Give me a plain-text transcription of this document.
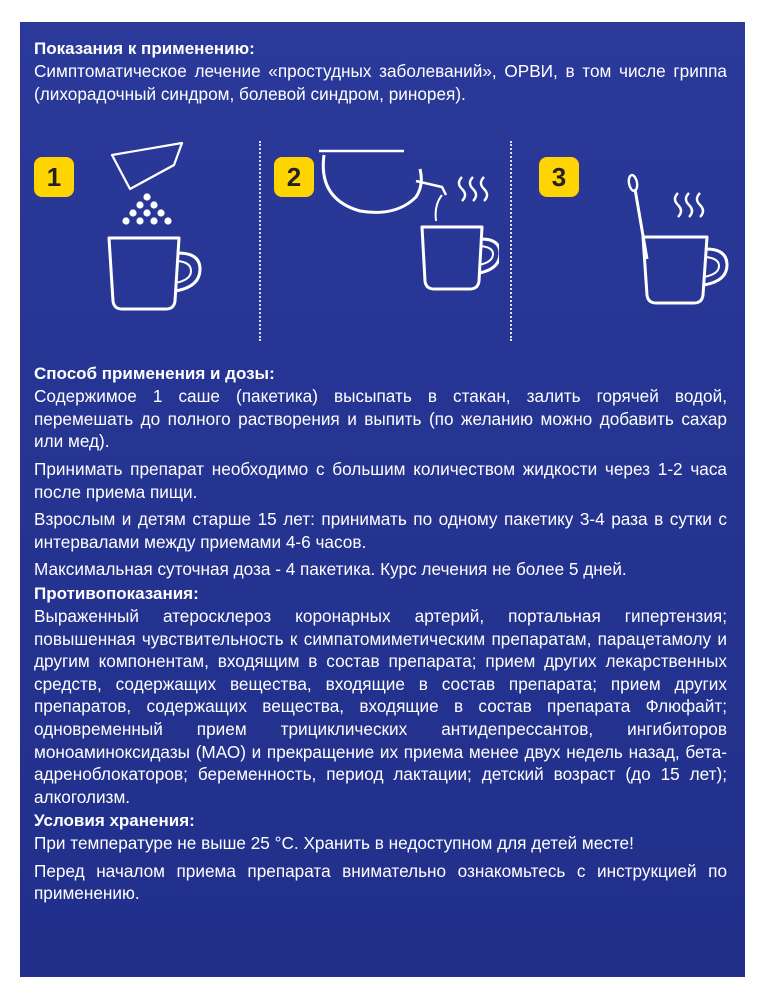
Показания к применению:

Симптоматическое лечение «простудных заболеваний», ОРВИ, в том числе гриппа (лихорадочный синдром, болевой синдром, ринорея).

1	2	3

Способ применения и дозы:

Содержимое 1 саше (пакетика) высыпать в стакан, залить горячей водой, перемешать до полного растворения и выпить (по желанию можно добавить сахар или мед).

Принимать препарат необходимо с большим количеством жидкости через 1-2 часа после приема пищи.

Взрослым и детям старше 15 лет: принимать по одному пакетику 3-4 раза в сутки с интервалами между приемами 4-6 часов.

Максимальная суточная доза - 4 пакетика. Курс лечения не более 5 дней.

Противопоказания:

Выраженный атеросклероз коронарных артерий, портальная гипертензия; повышенная чувствительность к симпатомиметическим препаратам, парацетамолу и другим компонентам, входящим в состав препарата; прием других лекарственных средств, содержащих вещества, входящие в состав препарата; прием других препаратов, содержащих вещества, входящие в состав препарата Флюфайт; одновременный прием трициклических антидепрессантов, ингибиторов моноаминоксидазы (МАО) и прекращение их приема менее двух недель назад, бета-адреноблокаторов; беременность, период лактации; детский возраст (до 15 лет); алкоголизм.

Условия хранения:

При температуре не выше 25 °С. Хранить в недоступном для детей месте!

Перед началом приема препарата внимательно ознакомьтесь с инструкцией по применению.
